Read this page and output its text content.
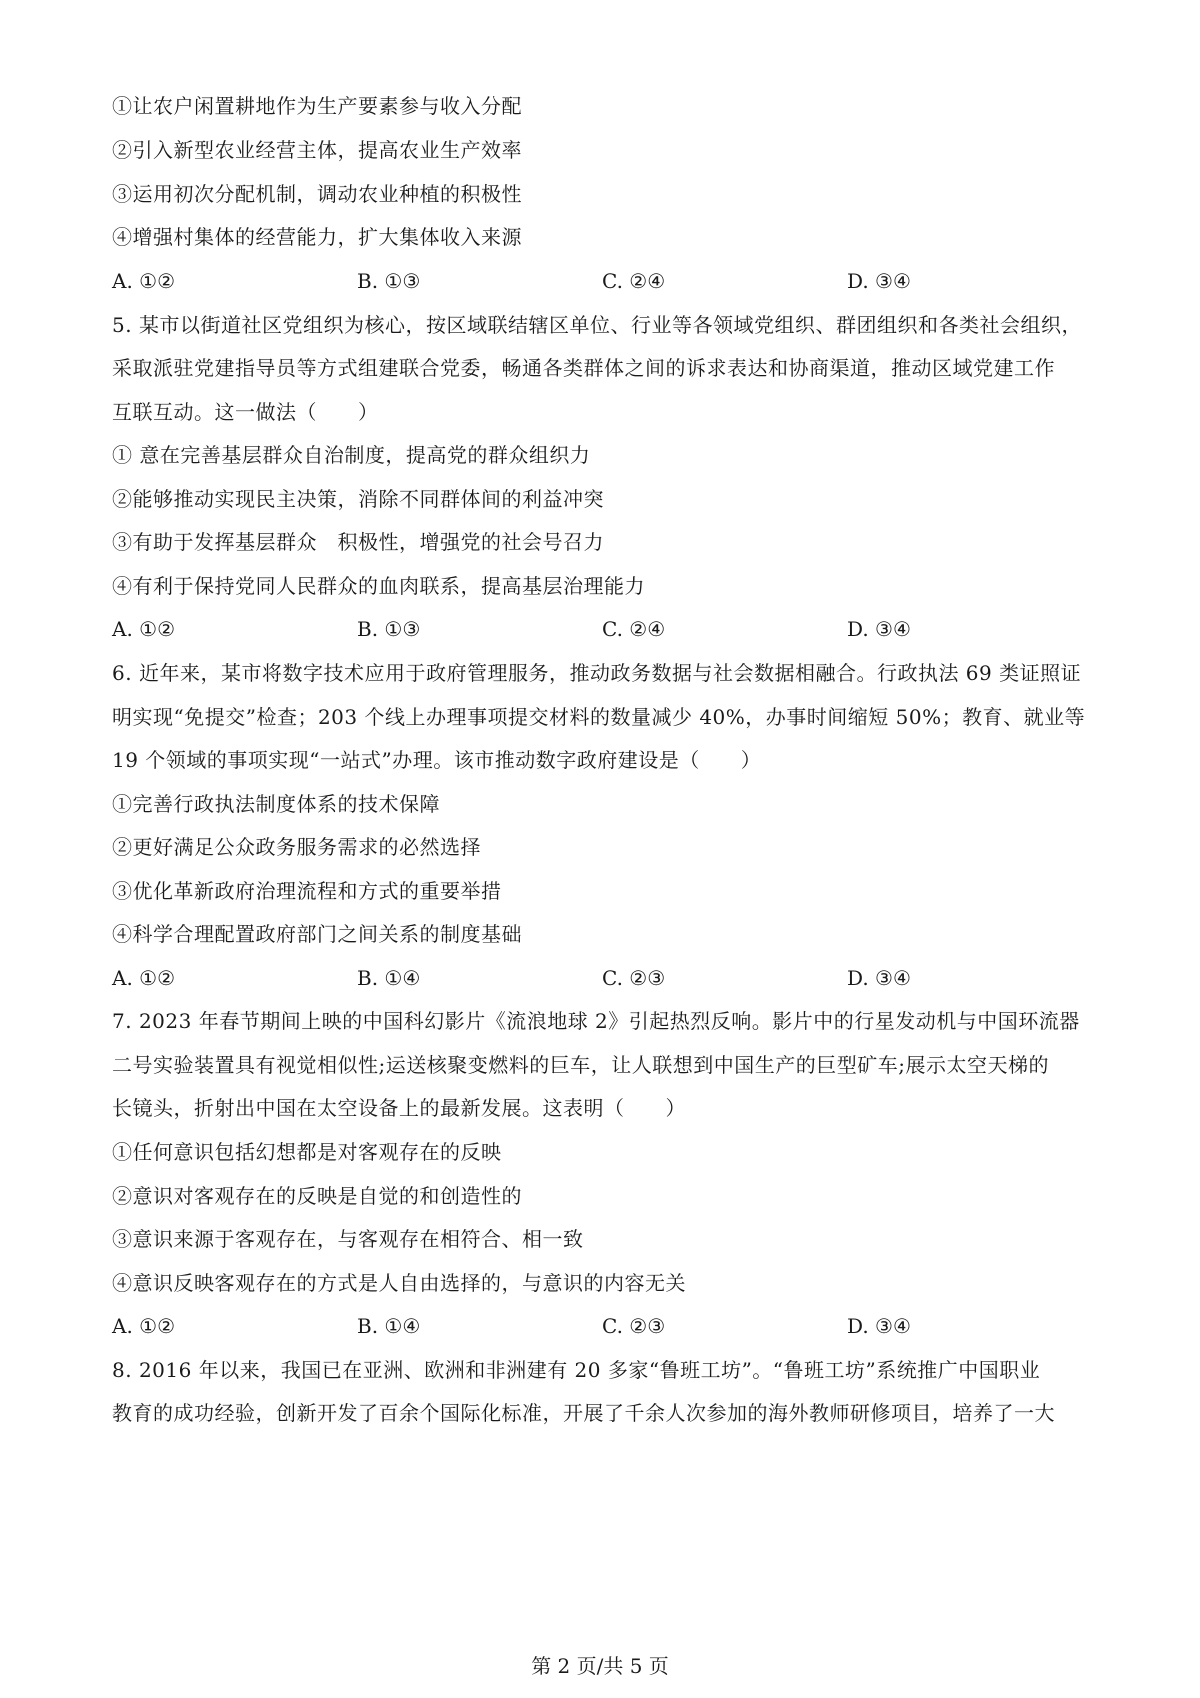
①让农户闲置耕地作为生产要素参与收入分配
②引入新型农业经营主体，提高农业生产效率
③运用初次分配机制，调动农业种植的积极性
④增强村集体的经营能力，扩大集体收入来源
A. ①②	B. ①③	C. ②④	D. ③④
5. 某市以街道社区党组织为核心，按区域联结辖区单位、行业等各领域党组织、群团组织和各类社会组织，
采取派驻党建指导员等方式组建联合党委，畅通各类群体之间的诉求表达和协商渠道，推动区域党建工作
互联互动。这一做法（　　）
① 意在完善基层群众自治制度，提高党的群众组织力
②能够推动实现民主决策，消除不同群体间的利益冲突
③有助于发挥基层群众　积极性，增强党的社会号召力
④有利于保持党同人民群众的血肉联系，提高基层治理能力
A. ①②	B. ①③	C. ②④	D. ③④
6. 近年来，某市将数字技术应用于政府管理服务，推动政务数据与社会数据相融合。行政执法 69 类证照证
明实现“免提交”检查；203 个线上办理事项提交材料的数量减少 40%，办事时间缩短 50%；教育、就业等
19 个领域的事项实现“一站式”办理。该市推动数字政府建设是（　　）
①完善行政执法制度体系的技术保障
②更好满足公众政务服务需求的必然选择
③优化革新政府治理流程和方式的重要举措
④科学合理配置政府部门之间关系的制度基础
A. ①②	B. ①④	C. ②③	D. ③④
7. 2023 年春节期间上映的中国科幻影片《流浪地球 2》引起热烈反响。影片中的行星发动机与中国环流器
二号实验装置具有视觉相似性;运送核聚变燃料的巨车，让人联想到中国生产的巨型矿车;展示太空天梯的
长镜头，折射出中国在太空设备上的最新发展。这表明（　　）
①任何意识包括幻想都是对客观存在的反映
②意识对客观存在的反映是自觉的和创造性的
③意识来源于客观存在，与客观存在相符合、相一致
④意识反映客观存在的方式是人自由选择的，与意识的内容无关
A. ①②	B. ①④	C. ②③	D. ③④
8. 2016 年以来，我国已在亚洲、欧洲和非洲建有 20 多家“鲁班工坊”。“鲁班工坊”系统推广中国职业
教育的成功经验，创新开发了百余个国际化标准，开展了千余人次参加的海外教师研修项目，培养了一大
第 2 页/共 5 页
